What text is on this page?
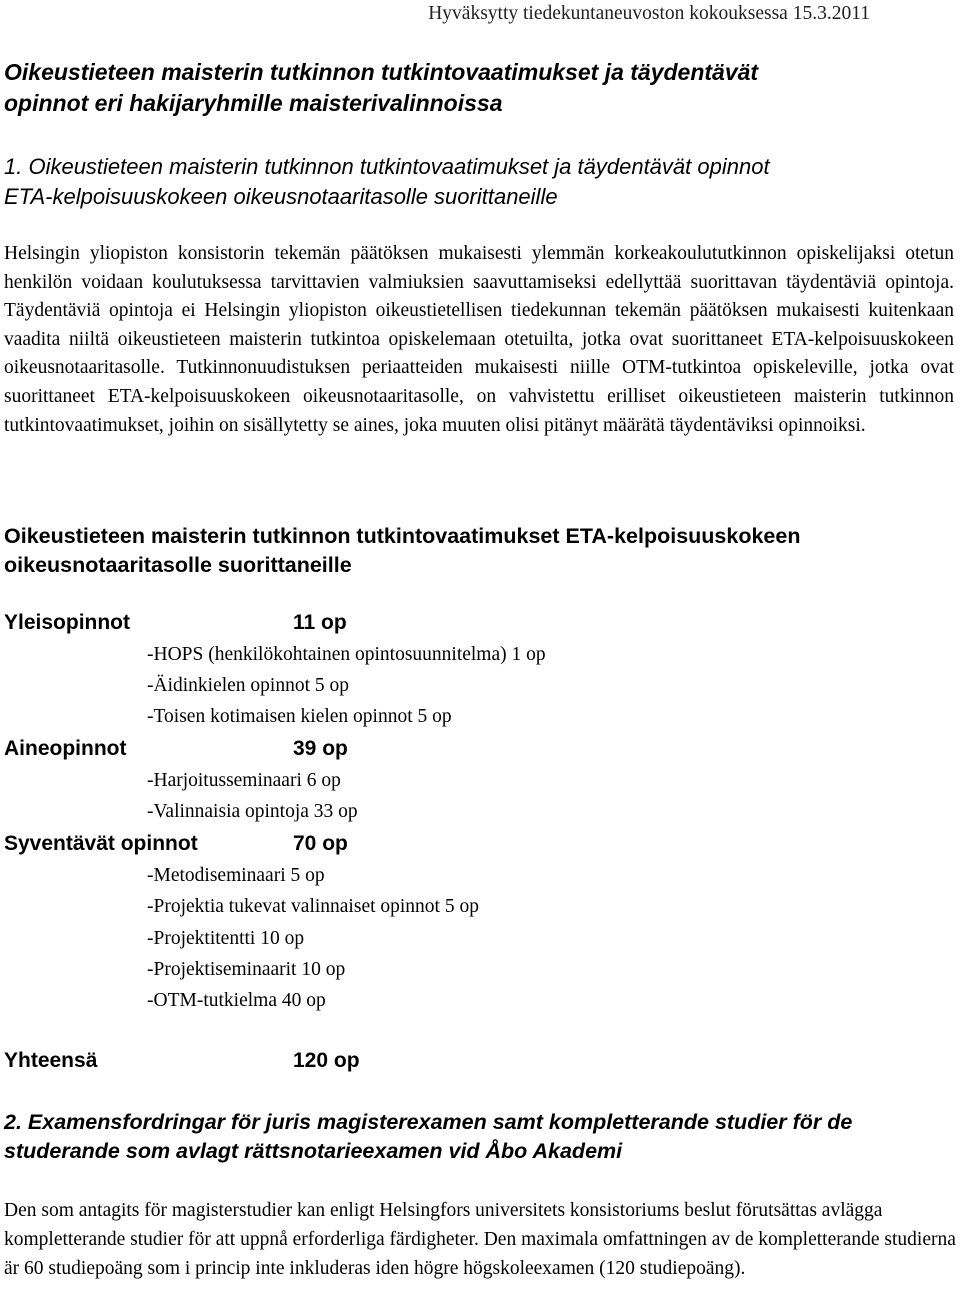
Hyväksytty tiedekuntaneuvoston kokouksessa 15.3.2011
Oikeustieteen maisterin tutkinnon tutkintovaatimukset ja täydentävät
opinnot eri hakijaryhmille maisterivalinnoissa
1. Oikeustieteen maisterin tutkinnon tutkintovaatimukset ja täydentävät opinnot
ETA-kelpoisuuskokeen oikeusnotaaritasolle suorittaneille

Helsingin yliopiston konsistorin tekemän päätöksen mukaisesti ylemmän korkeakoulututkinnon opiskelijaksi otetun henkilön voidaan koulutuksessa tarvittavien valmiuksien saavuttamiseksi edellyttää suorittavan täydentäviä opintoja. Täydentäviä opintoja ei Helsingin yliopiston oikeustietellisen tiedekunnan tekemän päätöksen mukaisesti kuitenkaan vaadita niiltä oikeustieteen maisterin tutkintoa opiskelemaan otetuilta, jotka ovat suorittaneet ETA-kelpoisuuskokeen oikeusnotaaritasolle. Tutkinnonuudistuksen periaatteiden mukaisesti niille OTM-tutkintoa opiskeleville, jotka ovat suorittaneet ETA-kelpoisuuskokeen oikeusnotaaritasolle, on vahvistettu erilliset oikeustieteen maisterin tutkinnon tutkintovaatimukset, joihin on sisällytetty se aines, joka muuten olisi pitänyt määrätä täydentäviksi opinnoiksi.

Oikeustieteen maisterin tutkinnon tutkintovaatimukset ETA-kelpoisuuskokeen
oikeusnotaaritasolle suorittaneille
Yleisopinnot	11 op
-HOPS (henkilökohtainen opintosuunnitelma) 1 op
-Äidinkielen opinnot 5 op
-Toisen kotimaisen kielen opinnot 5 op
Aineopinnot	39 op
-Harjoitusseminaari 6 op
-Valinnaisia opintoja 33 op
Syventävät opinnot	70 op
-Metodiseminaari 5 op
-Projektia tukevat valinnaiset opinnot 5 op
-Projektitentti 10 op
-Projektiseminaarit 10 op
-OTM-tutkielma 40 op
Yhteensä	120 op
2. Examensfordringar för juris magisterexamen samt kompletterande studier för de
studerande som avlagt rättsnotarieexamen vid Åbo Akademi

Den som antagits för magisterstudier kan enligt Helsingfors universitets konsistoriums beslut förutsättas avlägga kompletterande studier för att uppnå erforderliga färdigheter. Den maximala omfattningen av de kompletterande studierna är 60 studiepoäng som i princip inte inkluderas iden högre högskoleexamen (120 studiepoäng).
